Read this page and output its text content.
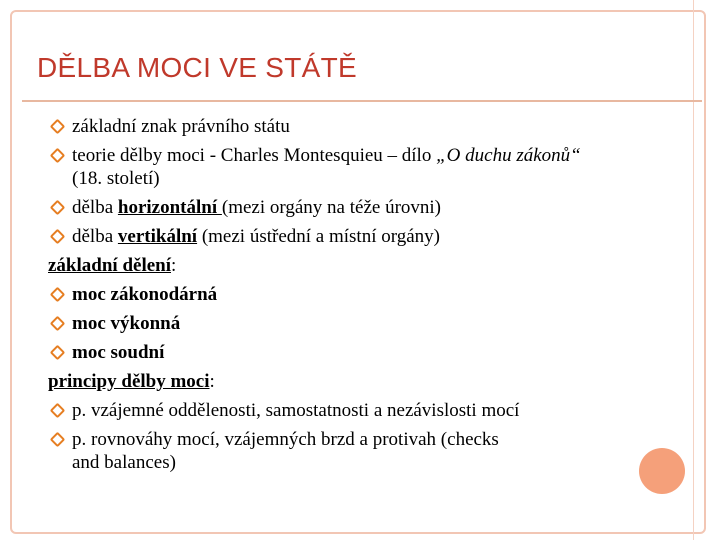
DĚLBA MOCI VE STÁTĚ
základní znak právního státu
teorie dělby moci - Charles Montesquieu – dílo „O duchu zákonů“
(18. století)
dělba horizontální (mezi orgány na téže úrovni)
dělba vertikální (mezi ústřední a místní orgány)
základní dělení:
moc zákonodárná
moc výkonná
moc soudní
principy dělby moci:
p. vzájemné oddělenosti, samostatnosti a nezávislosti mocí
p. rovnováhy mocí, vzájemných brzd a protivah (checks
and balances)
